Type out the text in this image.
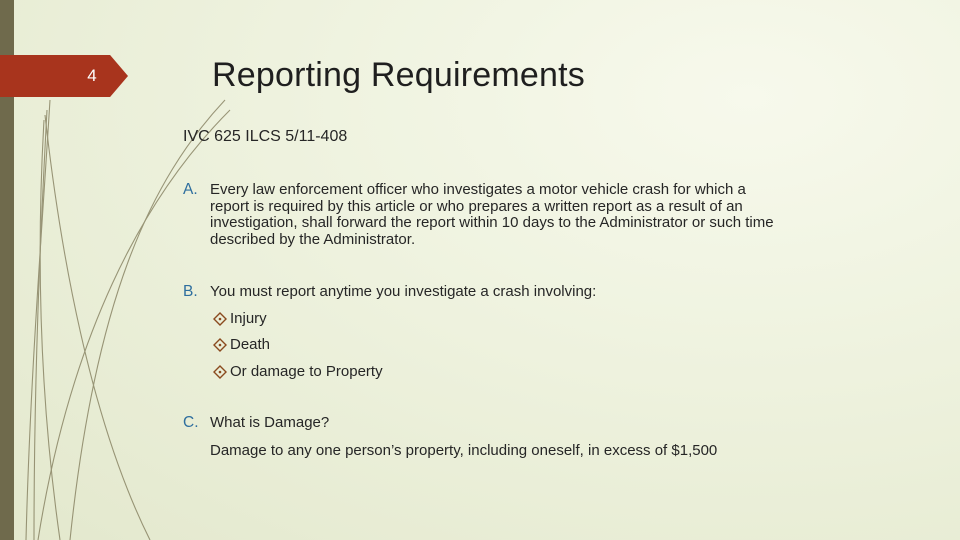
4	Reporting Requirements
IVC 625 ILCS 5/11-408
A. Every law enforcement officer who investigates a motor vehicle crash for which a report is required by this article or who prepares a written report as a result of an investigation, shall forward the report within 10 days to the Administrator or such time described by the Administrator.
B. You must report anytime you investigate a crash involving:
Injury
Death
Or damage to Property
C. What is Damage?
Damage to any one person’s property, including oneself, in excess of $1,500
